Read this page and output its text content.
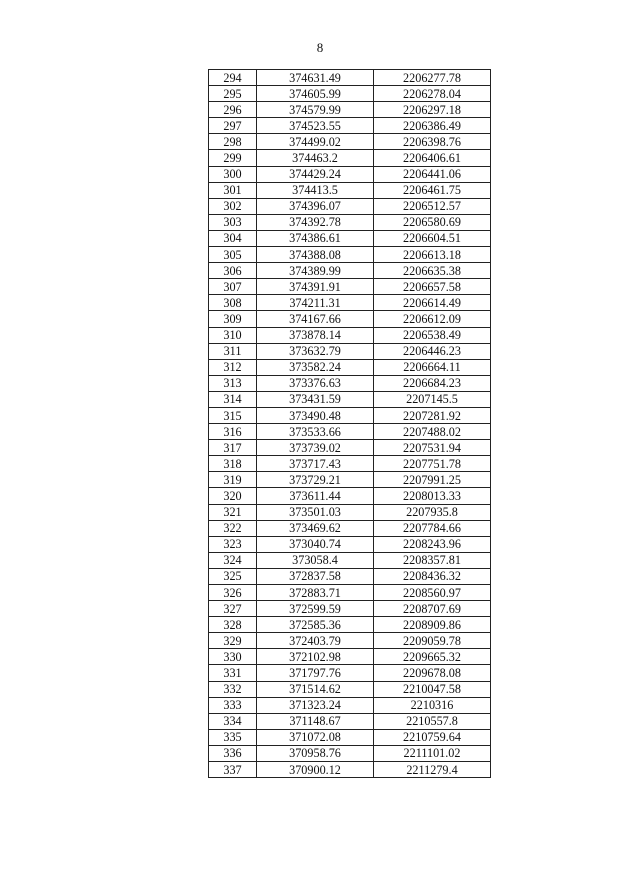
8
294	374631.49	2206277.78
295	374605.99	2206278.04
296	374579.99	2206297.18
297	374523.55	2206386.49
298	374499.02	2206398.76
299	374463.2	2206406.61
300	374429.24	2206441.06
301	374413.5	2206461.75
302	374396.07	2206512.57
303	374392.78	2206580.69
304	374386.61	2206604.51
305	374388.08	2206613.18
306	374389.99	2206635.38
307	374391.91	2206657.58
308	374211.31	2206614.49
309	374167.66	2206612.09
310	373878.14	2206538.49
311	373632.79	2206446.23
312	373582.24	2206664.11
313	373376.63	2206684.23
314	373431.59	2207145.5
315	373490.48	2207281.92
316	373533.66	2207488.02
317	373739.02	2207531.94
318	373717.43	2207751.78
319	373729.21	2207991.25
320	373611.44	2208013.33
321	373501.03	2207935.8
322	373469.62	2207784.66
323	373040.74	2208243.96
324	373058.4	2208357.81
325	372837.58	2208436.32
326	372883.71	2208560.97
327	372599.59	2208707.69
328	372585.36	2208909.86
329	372403.79	2209059.78
330	372102.98	2209665.32
331	371797.76	2209678.08
332	371514.62	2210047.58
333	371323.24	2210316
334	371148.67	2210557.8
335	371072.08	2210759.64
336	370958.76	2211101.02
337	370900.12	2211279.4
